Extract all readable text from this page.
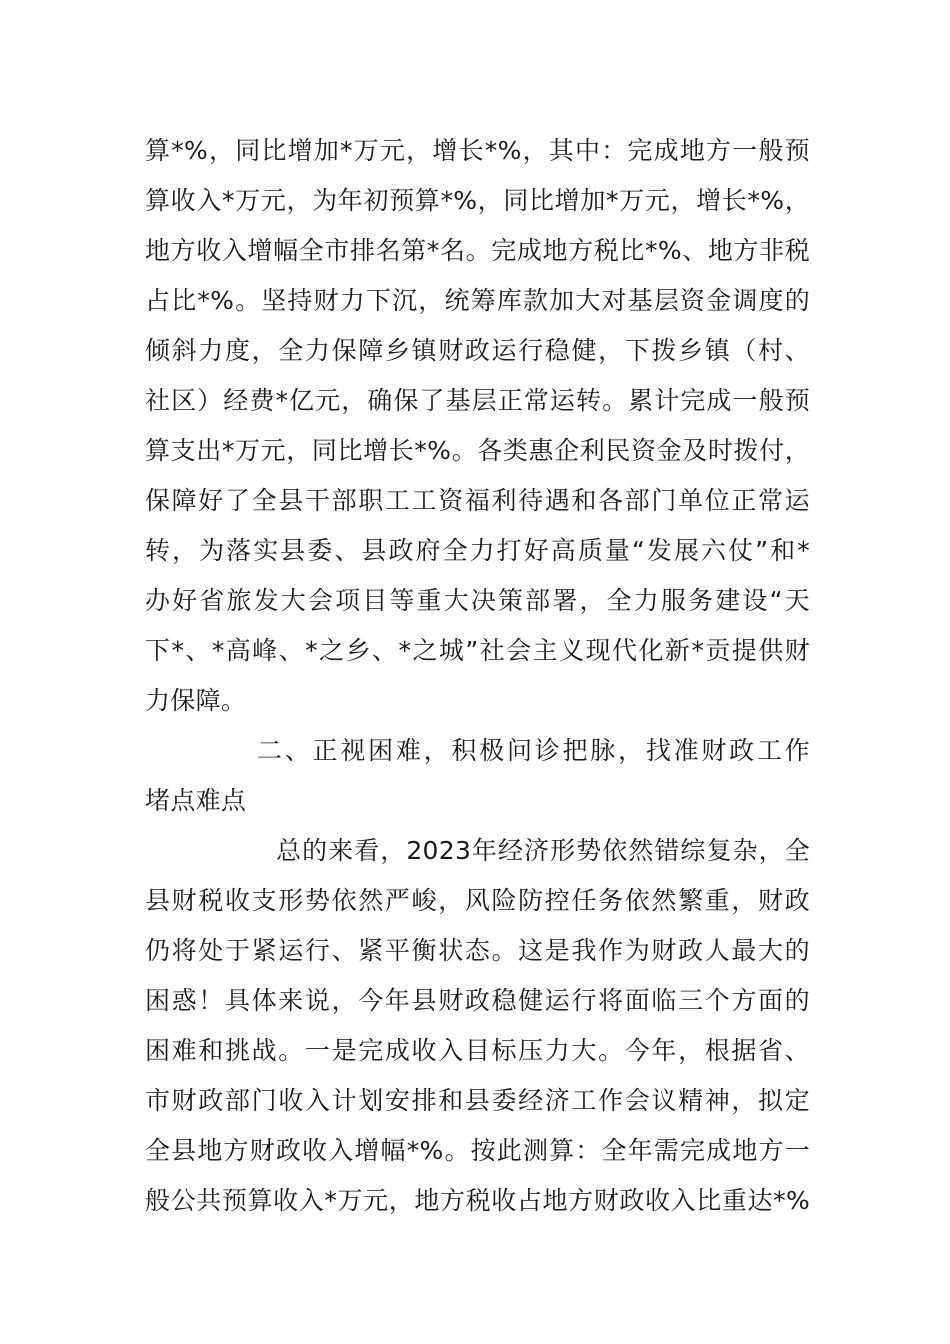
算*%，同比增加*万元，增长*%，其中：完成地方一般预
算收入*万元，为年初预算*%，同比增加*万元，增长*%，
地方收入增幅全市排名第*名。完成地方税比*%、地方非税
占比*%。坚持财力下沉，统筹库款加大对基层资金调度的
倾斜力度，全力保障乡镇财政运行稳健，下拨乡镇（村、
社区）经费*亿元，确保了基层正常运转。累计完成一般预
算支出*万元，同比增长*%。各类惠企利民资金及时拨付，
保障好了全县干部职工工资福利待遇和各部门单位正常运
转，为落实县委、县政府全力打好高质量“发展六仗”和*
办好省旅发大会项目等重大决策部署，全力服务建设“天
下*、*高峰、*之乡、*之城”社会主义现代化新*贡提供财
力保障。
二、正视困难，积极问诊把脉，找准财政工作
堵点难点
总的来看，2023年经济形势依然错综复杂，全
县财税收支形势依然严峻，风险防控任务依然繁重，财政
仍将处于紧运行、紧平衡状态。这是我作为财政人最大的
困惑！具体来说，今年县财政稳健运行将面临三个方面的
困难和挑战。一是完成收入目标压力大。今年，根据省、
市财政部门收入计划安排和县委经济工作会议精神，拟定
全县地方财政收入增幅*%。按此测算：全年需完成地方一
般公共预算收入*万元，地方税收占地方财政收入比重达*%
